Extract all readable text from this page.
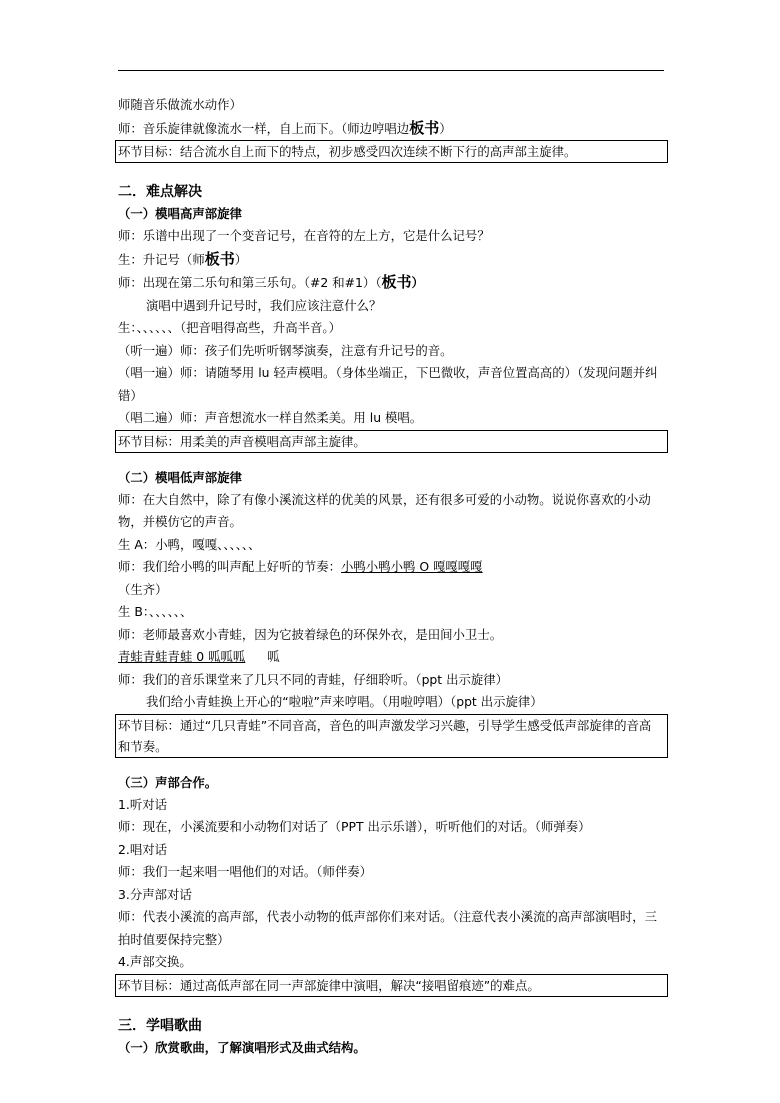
师随音乐做流水动作）
师：音乐旋律就像流水一样，自上而下。（师边哼唱边板书）
环节目标：结合流水自上而下的特点，初步感受四次连续不断下行的高声部主旋律。
二．难点解决
（一）模唱高声部旋律
师：乐谱中出现了一个变音记号，在音符的左上方，它是什么记号？
生：升记号（师板书）
师：出现在第二乐句和第三乐句。（#2 和#1）（板书）
演唱中遇到升记号时，我们应该注意什么？
生：、、、、、、（把音唱得高些，升高半音。）
（听一遍）师：孩子们先听听钢琴演奏，注意有升记号的音。
（唱一遍）师：请随琴用 lu 轻声模唱。（身体坐端正，下巴微收，声音位置高高的）（发现问题并纠错）
（唱二遍）师：声音想流水一样自然柔美。用 lu 模唱。
环节目标：用柔美的声音模唱高声部主旋律。
（二）模唱低声部旋律
师：在大自然中，除了有像小溪流这样的优美的风景，还有很多可爱的小动物。说说你喜欢的小动物，并模仿它的声音。
生 A：小鸭，嘎嘎、、、、、、
师：我们给小鸭的叫声配上好听的节奏：小鸭小鸭小鸭 O 嘎嘎嘎嘎
（生齐）
生 B：、、、、、、
师：老师最喜欢小青蛙，因为它披着绿色的环保外衣，是田间小卫士。
青蛙青蛙青蛙 0 呱呱呱 呱
师：我们的音乐课堂来了几只不同的青蛙，仔细聆听。（ppt 出示旋律）
我们给小青蛙换上开心的“啦啦”声来哼唱。（用啦哼唱）（ppt 出示旋律）
环节目标：通过“几只青蛙”不同音高，音色的叫声激发学习兴趣，引导学生感受低声部旋律的音高和节奏。
（三）声部合作。
1.听对话
师：现在，小溪流要和小动物们对话了（PPT 出示乐谱），听听他们的对话。（师弹奏）
2.唱对话
师：我们一起来唱一唱他们的对话。（师伴奏）
3.分声部对话
师：代表小溪流的高声部，代表小动物的低声部你们来对话。（注意代表小溪流的高声部演唱时，三拍时值要保持完整）
4.声部交换。
环节目标：通过高低声部在同一声部旋律中演唱，解决“接唱留痕迹”的难点。
三．学唱歌曲
（一）欣赏歌曲，了解演唱形式及曲式结构。
